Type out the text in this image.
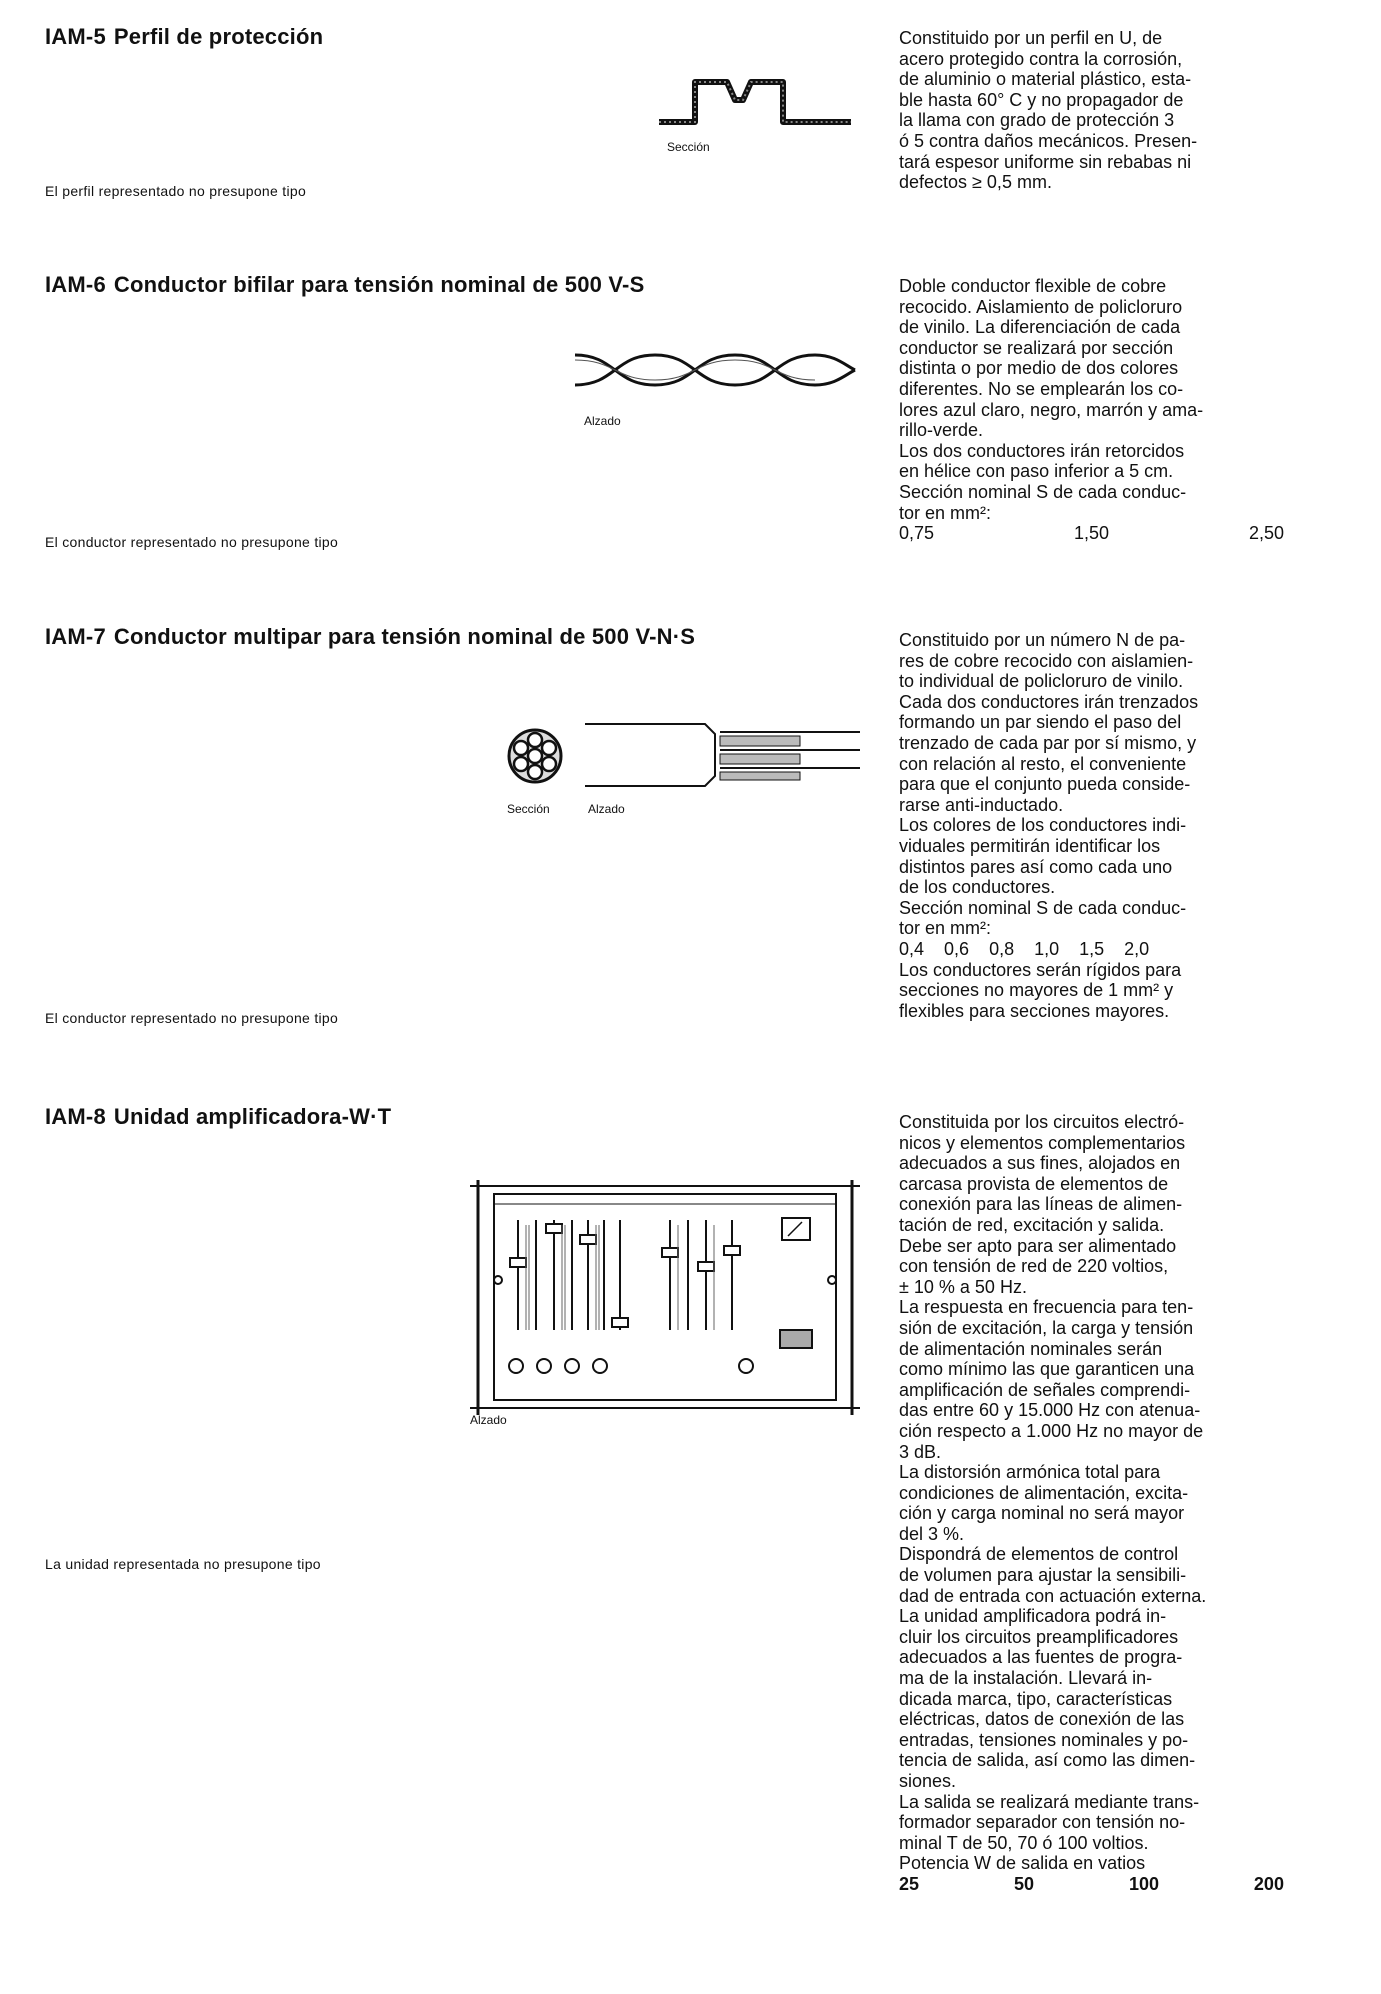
IAM-5 Perfil de protección
El perfil representado no presupone tipo
Sección
Constituido por un perfil en U, de
acero protegido contra la corrosión,
de aluminio o material plástico, esta-
ble hasta 60° C y no propagador de
la llama con grado de protección 3
ó 5 contra daños mecánicos. Presen-
tará espesor uniforme sin rebabas ni
defectos ≥ 0,5 mm.
IAM-6 Conductor bifilar para tensión nominal de 500 V-S
El conductor representado no presupone tipo
Alzado
Doble conductor flexible de cobre
recocido. Aislamiento de policloruro
de vinilo. La diferenciación de cada
conductor se realizará por sección
distinta o por medio de dos colores
diferentes. No se emplearán los co-
lores azul claro, negro, marrón y ama-
rillo-verde.
Los dos conductores irán retorcidos
en hélice con paso inferior a 5 cm.
Sección nominal S de cada conduc-
tor en mm²:
0,75	1,50	2,50
IAM-7 Conductor multipar para tensión nominal de 500 V-N·S
El conductor representado no presupone tipo
Sección	Alzado
Constituido por un número N de pa-
res de cobre recocido con aislamien-
to individual de policloruro de vinilo.
Cada dos conductores irán trenzados
formando un par siendo el paso del
trenzado de cada par por sí mismo, y
con relación al resto, el conveniente
para que el conjunto pueda conside-
rarse anti-inductado.
Los colores de los conductores indi-
viduales permitirán identificar los
distintos pares así como cada uno
de los conductores.
Sección nominal S de cada conduc-
tor en mm²:
0,4 0,6 0,8 1,0 1,5 2,0
Los conductores serán rígidos para
secciones no mayores de 1 mm² y
flexibles para secciones mayores.
IAM-8 Unidad amplificadora-W·T
La unidad representada no presupone tipo
Alzado
Constituida por los circuitos electró-
nicos y elementos complementarios
adecuados a sus fines, alojados en
carcasa provista de elementos de
conexión para las líneas de alimen-
tación de red, excitación y salida.
Debe ser apto para ser alimentado
con tensión de red de 220 voltios,
± 10 % a 50 Hz.
La respuesta en frecuencia para ten-
sión de excitación, la carga y tensión
de alimentación nominales serán
como mínimo las que garanticen una
amplificación de señales comprendi-
das entre 60 y 15.000 Hz con atenua-
ción respecto a 1.000 Hz no mayor de
3 dB.
La distorsión armónica total para
condiciones de alimentación, excita-
ción y carga nominal no será mayor
del 3 %.
Dispondrá de elementos de control
de volumen para ajustar la sensibili-
dad de entrada con actuación externa.
La unidad amplificadora podrá in-
cluir los circuitos preamplificadores
adecuados a las fuentes de progra-
ma de la instalación. Llevará in-
dicada marca, tipo, características
eléctricas, datos de conexión de las
entradas, tensiones nominales y po-
tencia de salida, así como las dimen-
siones.
La salida se realizará mediante trans-
formador separador con tensión no-
minal T de 50, 70 ó 100 voltios.
Potencia W de salida en vatios
25	50	100	200
